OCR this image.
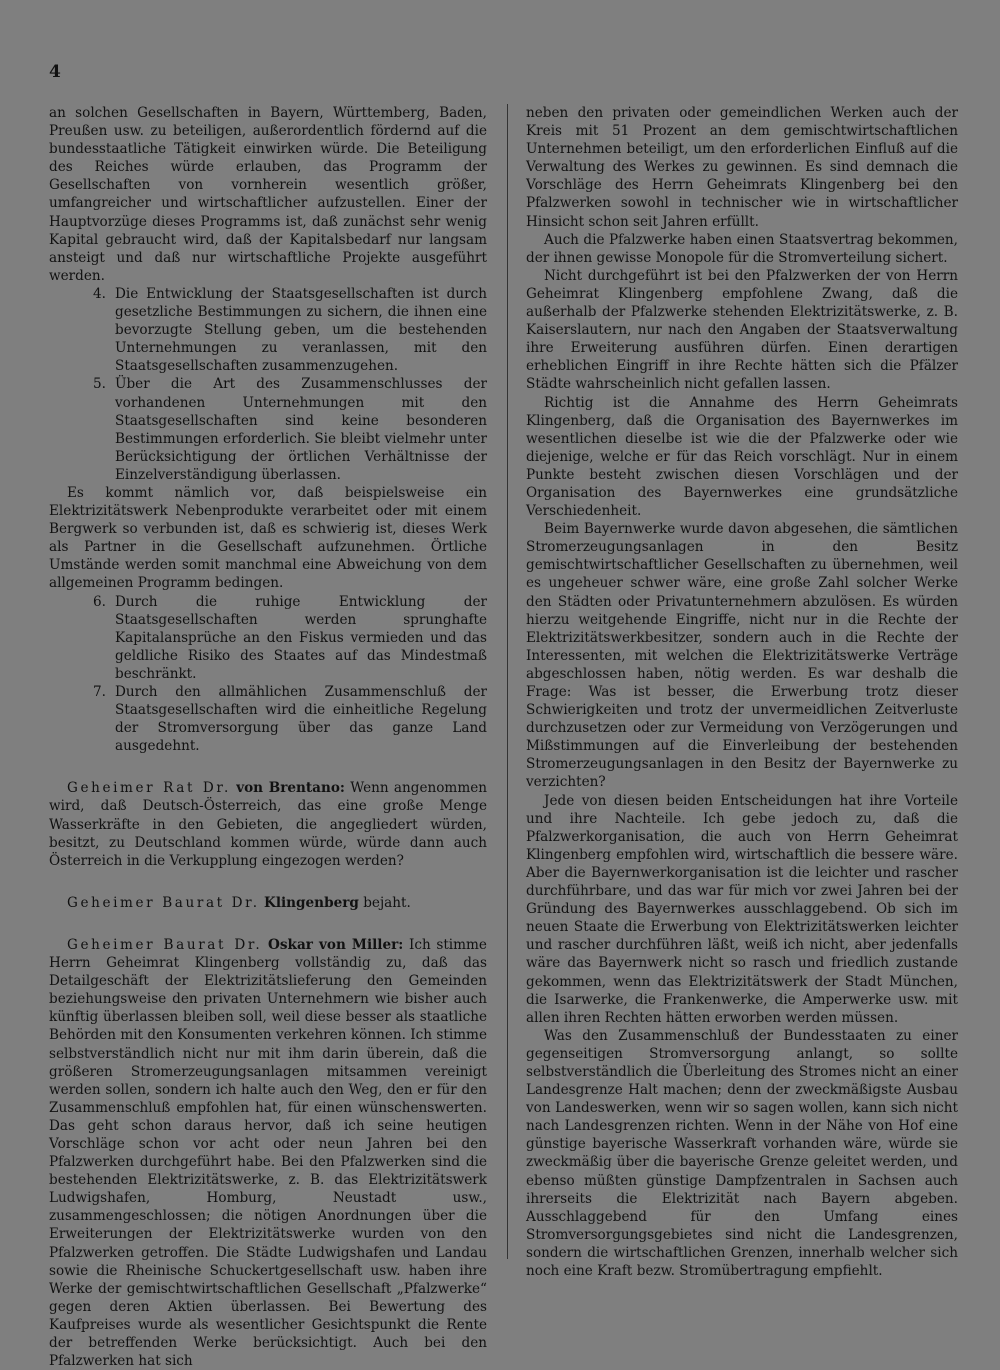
4

an solchen Gesellschaften in Bayern, Württemberg, Baden, Preußen usw. zu beteiligen, außerordentlich fördernd auf die bundesstaatliche Tätigkeit einwirken würde. Die Beteiligung des Reiches würde erlauben, das Programm der Gesellschaften von vornherein wesentlich größer, umfangreicher und wirtschaftlicher aufzustellen. Einer der Hauptvorzüge dieses Programms ist, daß zunächst sehr wenig Kapital gebraucht wird, daß der Kapitalsbedarf nur langsam ansteigt und daß nur wirtschaftliche Projekte ausgeführt werden.

4. Die Entwicklung der Staatsgesellschaften ist durch gesetzliche Bestimmungen zu sichern, die ihnen eine bevorzugte Stellung geben, um die bestehenden Unternehmungen zu veranlassen, mit den Staatsgesellschaften zusammenzugehen.
5. Über die Art des Zusammenschlusses der vorhandenen Unternehmungen mit den Staatsgesellschaften sind keine besonderen Bestimmungen erforderlich. Sie bleibt vielmehr unter Berücksichtigung der örtlichen Verhältnisse der Einzelverständigung überlassen.

Es kommt nämlich vor, daß beispielsweise ein Elektrizitätswerk Nebenprodukte verarbeitet oder mit einem Bergwerk so verbunden ist, daß es schwierig ist, dieses Werk als Partner in die Gesellschaft aufzunehmen. Örtliche Umstände werden somit manchmal eine Abweichung von dem allgemeinen Programm bedingen.

6. Durch die ruhige Entwicklung der Staatsgesellschaften werden sprunghafte Kapitalansprüche an den Fiskus vermieden und das geldliche Risiko des Staates auf das Mindestmaß beschränkt.
7. Durch den allmählichen Zusammenschluß der Staatsgesellschaften wird die einheitliche Regelung der Stromversorgung über das ganze Land ausgedehnt.

Geheimer Rat Dr. von Brentano: Wenn angenommen wird, daß Deutsch-Österreich, das eine große Menge Wasserkräfte in den Gebieten, die angegliedert würden, besitzt, zu Deutschland kommen würde, würde dann auch Österreich in die Verkupplung eingezogen werden?

Geheimer Baurat Dr. Klingenberg bejaht.

Geheimer Baurat Dr. Oskar von Miller: Ich stimme Herrn Geheimrat Klingenberg vollständig zu, daß das Detailgeschäft der Elektrizitätslieferung den Gemeinden beziehungsweise den privaten Unternehmern wie bisher auch künftig überlassen bleiben soll, weil diese besser als staatliche Behörden mit den Konsumenten verkehren können. Ich stimme selbstverständlich nicht nur mit ihm darin überein, daß die größeren Stromerzeugungsanlagen mitsammen vereinigt werden sollen, sondern ich halte auch den Weg, den er für den Zusammenschluß empfohlen hat, für einen wünschenswerten. Das geht schon daraus hervor, daß ich seine heutigen Vorschläge schon vor acht oder neun Jahren bei den Pfalzwerken durchgeführt habe. Bei den Pfalzwerken sind die bestehenden Elektrizitätswerke, z. B. das Elektrizitätswerk Ludwigshafen, Homburg, Neustadt usw., zusammengeschlossen; die nötigen Anordnungen über die Erweiterungen der Elektrizitätswerke wurden von den Pfalzwerken getroffen. Die Städte Ludwigshafen und Landau sowie die Rheinische Schuckertgesellschaft usw. haben ihre Werke der gemischtwirtschaftlichen Gesellschaft „Pfalzwerke“ gegen deren Aktien überlassen. Bei Bewertung des Kaufpreises wurde als wesentlicher Gesichtspunkt die Rente der betreffenden Werke berücksichtigt. Auch bei den Pfalzwerken hat sich

neben den privaten oder gemeindlichen Werken auch der Kreis mit 51 Prozent an dem gemischtwirtschaftlichen Unternehmen beteiligt, um den erforderlichen Einfluß auf die Verwaltung des Werkes zu gewinnen. Es sind demnach die Vorschläge des Herrn Geheimrats Klingenberg bei den Pfalzwerken sowohl in technischer wie in wirtschaftlicher Hinsicht schon seit Jahren erfüllt.

Auch die Pfalzwerke haben einen Staatsvertrag bekommen, der ihnen gewisse Monopole für die Stromverteilung sichert.

Nicht durchgeführt ist bei den Pfalzwerken der von Herrn Geheimrat Klingenberg empfohlene Zwang, daß die außerhalb der Pfalzwerke stehenden Elektrizitätswerke, z. B. Kaiserslautern, nur nach den Angaben der Staatsverwaltung ihre Erweiterung ausführen dürfen. Einen derartigen erheblichen Eingriff in ihre Rechte hätten sich die Pfälzer Städte wahrscheinlich nicht gefallen lassen.

Richtig ist die Annahme des Herrn Geheimrats Klingenberg, daß die Organisation des Bayernwerkes im wesentlichen dieselbe ist wie die der Pfalzwerke oder wie diejenige, welche er für das Reich vorschlägt. Nur in einem Punkte besteht zwischen diesen Vorschlägen und der Organisation des Bayernwerkes eine grundsätzliche Verschiedenheit.

Beim Bayernwerke wurde davon abgesehen, die sämtlichen Stromerzeugungsanlagen in den Besitz gemischtwirtschaftlicher Gesellschaften zu übernehmen, weil es ungeheuer schwer wäre, eine große Zahl solcher Werke den Städten oder Privatunternehmern abzulösen. Es würden hierzu weitgehende Eingriffe, nicht nur in die Rechte der Elektrizitätswerkbesitzer, sondern auch in die Rechte der Interessenten, mit welchen die Elektrizitätswerke Verträge abgeschlossen haben, nötig werden. Es war deshalb die Frage: Was ist besser, die Erwerbung trotz dieser Schwierigkeiten und trotz der unvermeidlichen Zeitverluste durchzusetzen oder zur Vermeidung von Verzögerungen und Mißstimmungen auf die Einverleibung der bestehenden Stromerzeugungsanlagen in den Besitz der Bayernwerke zu verzichten?

Jede von diesen beiden Entscheidungen hat ihre Vorteile und ihre Nachteile. Ich gebe jedoch zu, daß die Pfalzwerkorganisation, die auch von Herrn Geheimrat Klingenberg empfohlen wird, wirtschaftlich die bessere wäre. Aber die Bayernwerkorganisation ist die leichter und rascher durchführbare, und das war für mich vor zwei Jahren bei der Gründung des Bayernwerkes ausschlaggebend. Ob sich im neuen Staate die Erwerbung von Elektrizitätswerken leichter und rascher durchführen läßt, weiß ich nicht, aber jedenfalls wäre das Bayernwerk nicht so rasch und friedlich zustande gekommen, wenn das Elektrizitätswerk der Stadt München, die Isarwerke, die Frankenwerke, die Amperwerke usw. mit allen ihren Rechten hätten erworben werden müssen.

Was den Zusammenschluß der Bundesstaaten zu einer gegenseitigen Stromversorgung anlangt, so sollte selbstverständlich die Überleitung des Stromes nicht an einer Landesgrenze Halt machen; denn der zweckmäßigste Ausbau von Landeswerken, wenn wir so sagen wollen, kann sich nicht nach Landesgrenzen richten. Wenn in der Nähe von Hof eine günstige bayerische Wasserkraft vorhanden wäre, würde sie zweckmäßig über die bayerische Grenze geleitet werden, und ebenso müßten günstige Dampfzentralen in Sachsen auch ihrerseits die Elektrizität nach Bayern abgeben. Ausschlaggebend für den Umfang eines Stromversorgungsgebietes sind nicht die Landesgrenzen, sondern die wirtschaftlichen Grenzen, innerhalb welcher sich noch eine Kraft bezw. Stromübertragung empfiehlt.
